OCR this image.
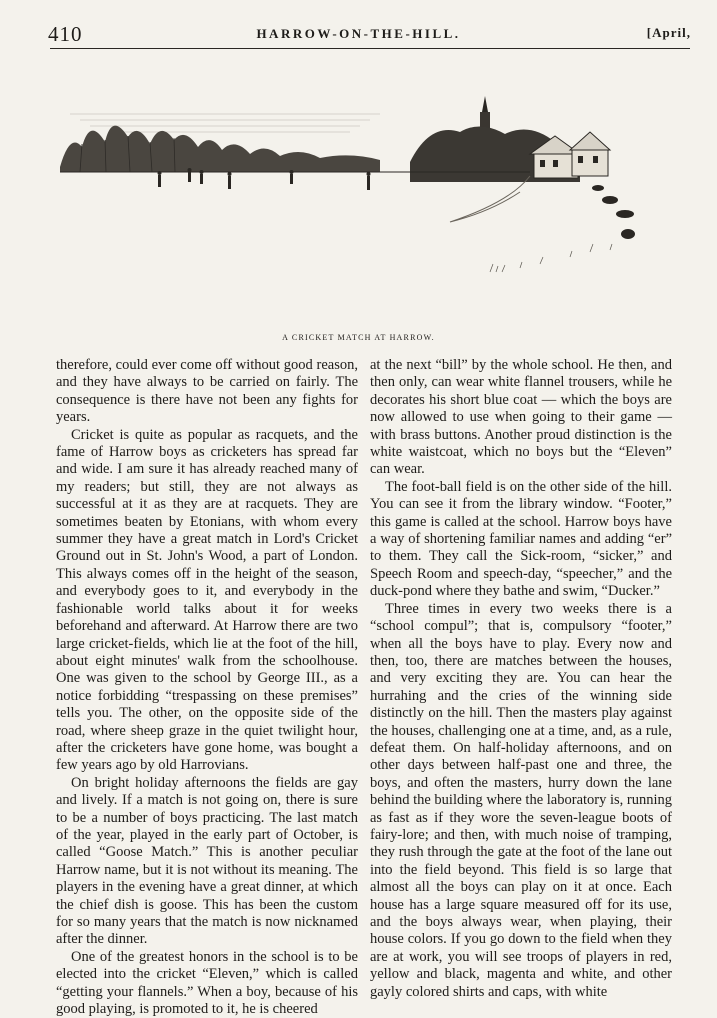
410	HARROW-ON-THE-HILL.	[April,
A CRICKET MATCH AT HARROW.

therefore, could ever come off without good reason, and they have always to be carried on fairly. The consequence is there have not been any fights for years.

Cricket is quite as popular as racquets, and the fame of Harrow boys as cricketers has spread far and wide. I am sure it has already reached many of my readers; but still, they are not always as successful at it as they are at racquets. They are sometimes beaten by Etonians, with whom every summer they have a great match in Lord's Cricket Ground out in St. John's Wood, a part of London. This always comes off in the height of the season, and everybody goes to it, and everybody in the fashionable world talks about it for weeks beforehand and afterward. At Harrow there are two large cricket-fields, which lie at the foot of the hill, about eight minutes' walk from the schoolhouse. One was given to the school by George III., as a notice forbidding “trespassing on these premises” tells you. The other, on the opposite side of the road, where sheep graze in the quiet twilight hour, after the cricketers have gone home, was bought a few years ago by old Harrovians.

On bright holiday afternoons the fields are gay and lively. If a match is not going on, there is sure to be a number of boys practicing. The last match of the year, played in the early part of October, is called “Goose Match.” This is another peculiar Harrow name, but it is not without its meaning. The players in the evening have a great dinner, at which the chief dish is goose. This has been the custom for so many years that the match is now nicknamed after the dinner.

One of the greatest honors in the school is to be elected into the cricket “Eleven,” which is called “getting your flannels.” When a boy, because of his good playing, is promoted to it, he is cheered

at the next “bill” by the whole school. He then, and then only, can wear white flannel trousers, while he decorates his short blue coat — which the boys are now allowed to use when going to their game — with brass buttons. Another proud distinction is the white waistcoat, which no boys but the “Eleven” can wear.

The foot-ball field is on the other side of the hill. You can see it from the library window. “Footer,” this game is called at the school. Harrow boys have a way of shortening familiar names and adding “er” to them. They call the Sick-room, “sicker,” and Speech Room and speech-day, “speecher,” and the duck-pond where they bathe and swim, “Ducker.”

Three times in every two weeks there is a “school compul”; that is, compulsory “footer,” when all the boys have to play. Every now and then, too, there are matches between the houses, and very exciting they are. You can hear the hurrahing and the cries of the winning side distinctly on the hill. Then the masters play against the houses, challenging one at a time, and, as a rule, defeat them. On half-holiday afternoons, and on other days between half-past one and three, the boys, and often the masters, hurry down the lane behind the building where the laboratory is, running as fast as if they wore the seven-league boots of fairy-lore; and then, with much noise of tramping, they rush through the gate at the foot of the lane out into the field beyond. This field is so large that almost all the boys can play on it at once. Each house has a large square measured off for its use, and the boys always wear, when playing, their house colors. If you go down to the field when they are at work, you will see troops of players in red, yellow and black, magenta and white, and other gayly colored shirts and caps, with white
